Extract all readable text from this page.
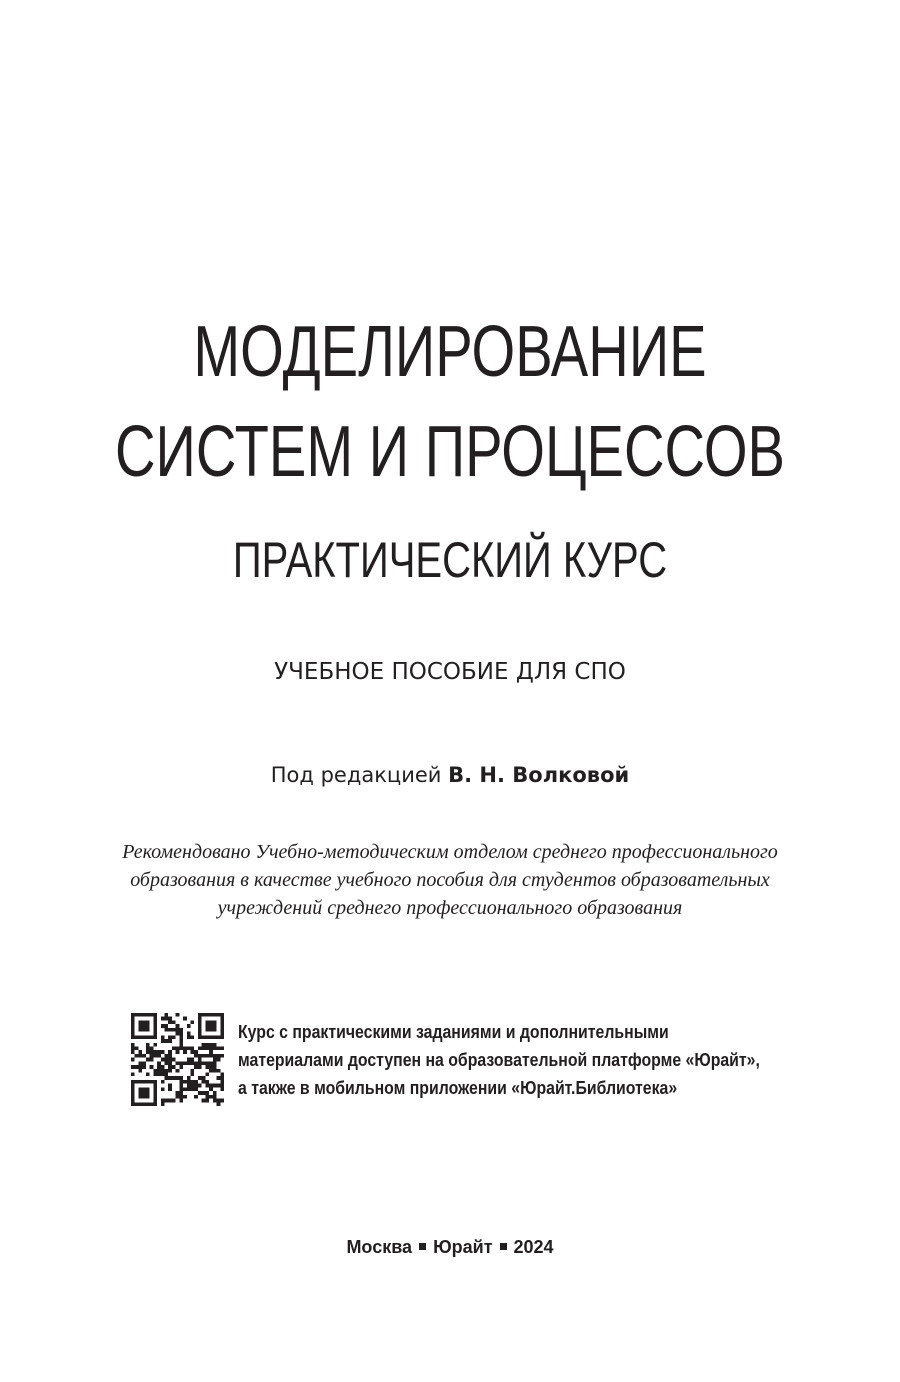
МОДЕЛИРОВАНИЕ
СИСТЕМ И ПРОЦЕССОВ
ПРАКТИЧЕСКИЙ КУРС
УЧЕБНОЕ ПОСОБИЕ ДЛЯ СПО
Под редакцией В. Н. Волковой
Рекомендовано Учебно-методическим отделом среднего профессионального
образования в качестве учебного пособия для студентов образовательных
учреждений среднего профессионального образования
Курс с практическими заданиями и дополнительными
материалами доступен на образовательной платформе «Юрайт»,
а также в мобильном приложении «Юрайт.Библиотека»
Москва Юрайт 2024
